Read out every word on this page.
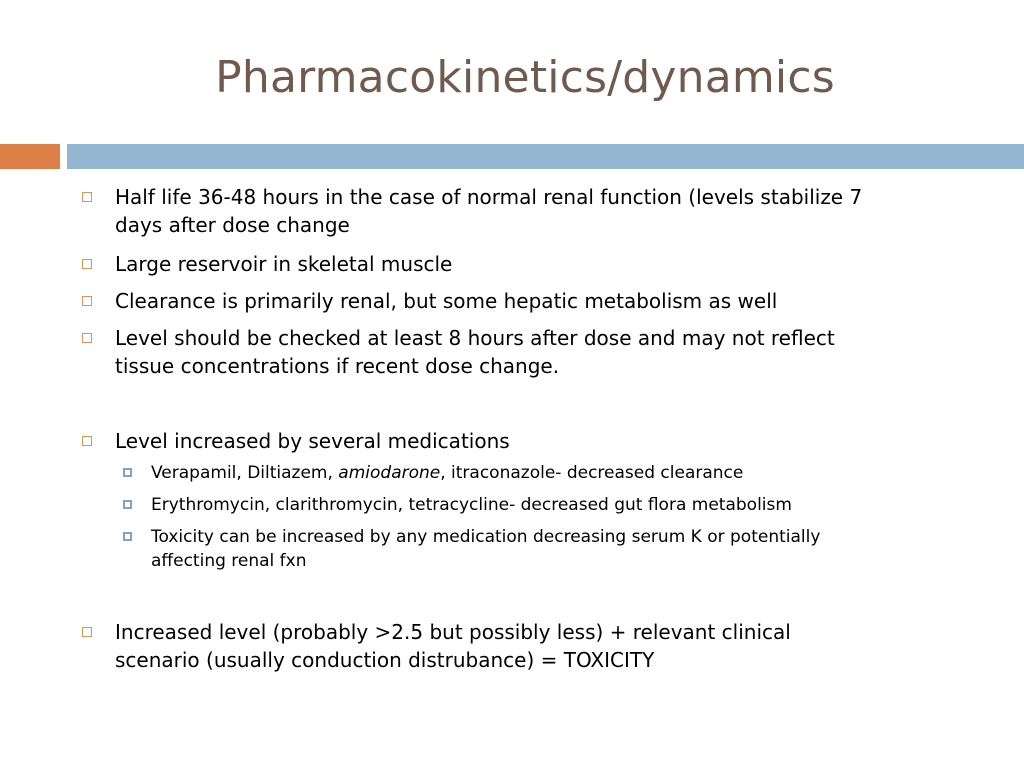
Pharmacokinetics/dynamics
Half life 36-48 hours in the case of normal renal function (levels stabilize 7
days after dose change
Large reservoir in skeletal muscle
Clearance is primarily renal, but some hepatic metabolism as well
Level should be checked at least 8 hours after dose and may not reflect
tissue concentrations if recent dose change.
Level increased by several medications
Verapamil, Diltiazem, amiodarone, itraconazole- decreased clearance
Erythromycin, clarithromycin, tetracycline- decreased gut flora metabolism
Toxicity can be increased by any medication decreasing serum K or potentially
affecting renal fxn
Increased level (probably >2.5 but possibly less) + relevant clinical
scenario (usually conduction distrubance) = TOXICITY
